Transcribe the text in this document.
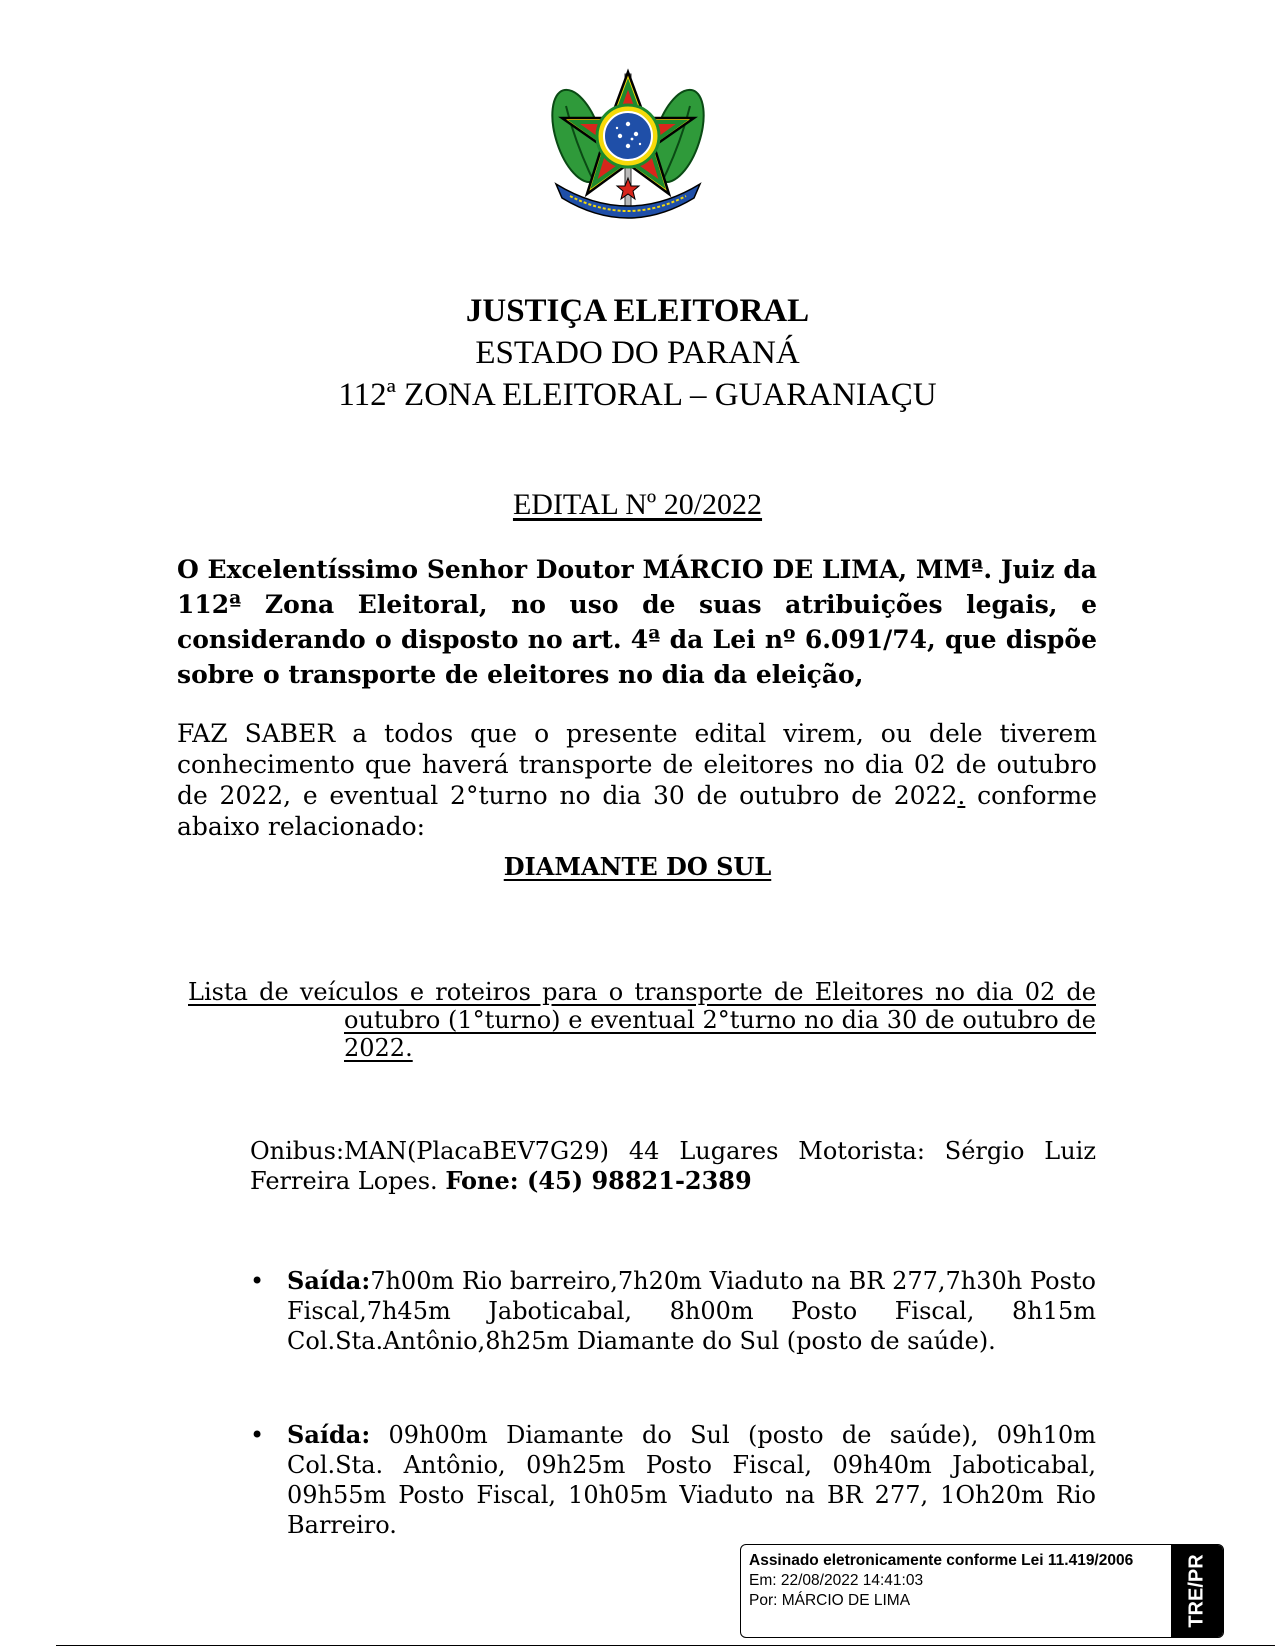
JUSTIÇA ELEITORAL
ESTADO DO PARANÁ
112ª ZONA ELEITORAL – GUARANIAÇU
EDITAL Nº 20/2022
O Excelentíssimo Senhor Doutor MÁRCIO DE LIMA, MMª. Juiz da 112ª Zona Eleitoral, no uso de suas atribuições legais, e considerando o disposto no art. 4ª da Lei nº 6.091/74, que dispõe sobre o transporte de eleitores no dia da eleição,
FAZ SABER a todos que o presente edital virem, ou dele tiverem conhecimento que haverá transporte de eleitores no dia 02 de outubro de 2022, e eventual 2°turno no dia 30 de outubro de 2022. conforme abaixo relacionado:
DIAMANTE DO SUL
Lista de veículos e roteiros para o transporte de Eleitores no dia 02 de outubro (1°turno) e eventual 2°turno no dia 30 de outubro de 2022.
Onibus:MAN(PlacaBEV7G29) 44 Lugares Motorista: Sérgio Luiz Ferreira Lopes. Fone: (45) 98821-2389
• Saída:7h00m Rio barreiro,7h20m Viaduto na BR 277,7h30h Posto Fiscal,7h45m Jaboticabal, 8h00m Posto Fiscal, 8h15m Col.Sta.Antônio,8h25m Diamante do Sul (posto de saúde).
• Saída: 09h00m Diamante do Sul (posto de saúde), 09h10m Col.Sta. Antônio, 09h25m Posto Fiscal, 09h40m Jaboticabal, 09h55m Posto Fiscal, 10h05m Viaduto na BR 277, 1Oh20m Rio Barreiro.
Assinado eletronicamente conforme Lei 11.419/2006
Em: 22/08/2022 14:41:03
Por: MÁRCIO DE LIMA	TRE/PR
